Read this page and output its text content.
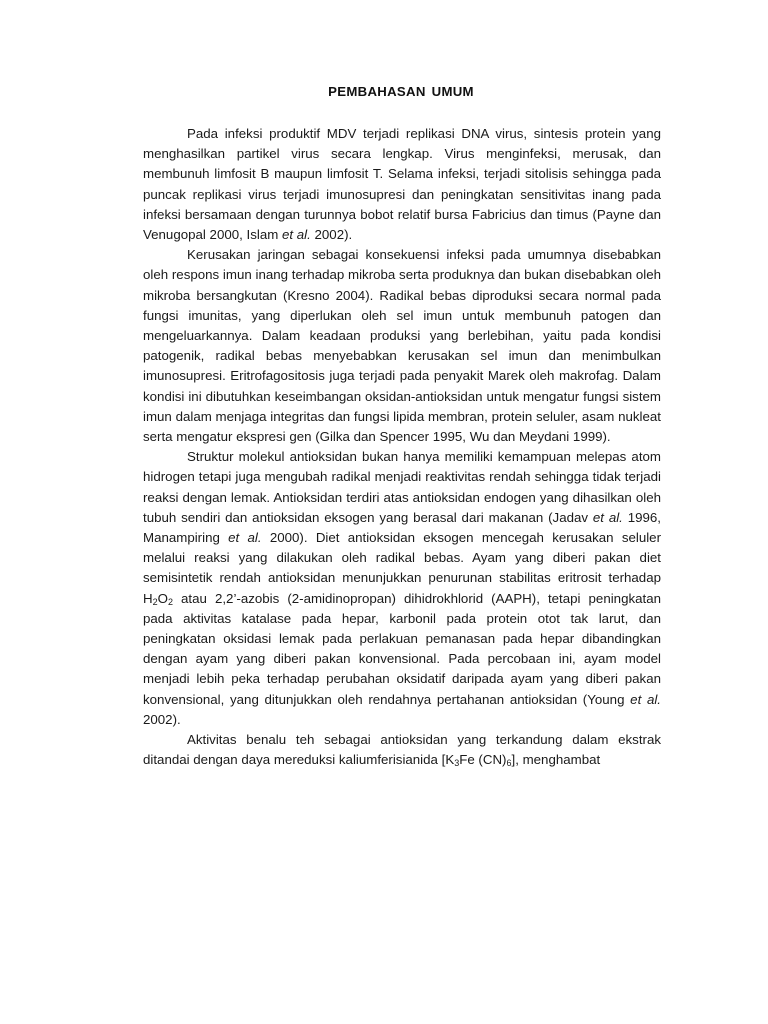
PEMBAHASAN UMUM

Pada infeksi produktif MDV terjadi replikasi DNA virus, sintesis protein yang menghasilkan partikel virus secara lengkap. Virus menginfeksi, merusak, dan membunuh limfosit B maupun limfosit T. Selama infeksi, terjadi sitolisis sehingga pada puncak replikasi virus terjadi imunosupresi dan peningkatan sensitivitas inang pada infeksi bersamaan dengan turunnya bobot relatif bursa Fabricius dan timus (Payne dan Venugopal 2000, Islam et al. 2002).

Kerusakan jaringan sebagai konsekuensi infeksi pada umumnya disebabkan oleh respons imun inang terhadap mikroba serta produknya dan bukan disebabkan oleh mikroba bersangkutan (Kresno 2004). Radikal bebas diproduksi secara normal pada fungsi imunitas, yang diperlukan oleh sel imun untuk membunuh patogen dan mengeluarkannya. Dalam keadaan produksi yang berlebihan, yaitu pada kondisi patogenik, radikal bebas menyebabkan kerusakan sel imun dan menimbulkan imunosupresi. Eritrofagositosis juga terjadi pada penyakit Marek oleh makrofag. Dalam kondisi ini dibutuhkan keseimbangan oksidan-antioksidan untuk mengatur fungsi sistem imun dalam menjaga integritas dan fungsi lipida membran, protein seluler, asam nukleat serta mengatur ekspresi gen (Gilka dan Spencer 1995, Wu dan Meydani 1999).

Struktur molekul antioksidan bukan hanya memiliki kemampuan melepas atom hidrogen tetapi juga mengubah radikal menjadi reaktivitas rendah sehingga tidak terjadi reaksi dengan lemak. Antioksidan terdiri atas antioksidan endogen yang dihasilkan oleh tubuh sendiri dan antioksidan eksogen yang berasal dari makanan (Jadav et al. 1996, Manampiring et al. 2000). Diet antioksidan eksogen mencegah kerusakan seluler melalui reaksi yang dilakukan oleh radikal bebas. Ayam yang diberi pakan diet semisintetik rendah antioksidan menunjukkan penurunan stabilitas eritrosit terhadap $H_2O_2$ atau 2,2’-azobis (2-amidinopropan) dihidrokhlorid (AAPH), tetapi peningkatan pada aktivitas katalase pada hepar, karbonil pada protein otot tak larut, dan peningkatan oksidasi lemak pada perlakuan pemanasan pada hepar dibandingkan dengan ayam yang diberi pakan konvensional. Pada percobaan ini, ayam model menjadi lebih peka terhadap perubahan oksidatif daripada ayam yang diberi pakan konvensional, yang ditunjukkan oleh rendahnya pertahanan antioksidan (Young et al. 2002).

Aktivitas benalu teh sebagai antioksidan yang terkandung dalam ekstrak ditandai dengan daya mereduksi kaliumferisianida [$K_3Fe$ $(CN)_6$], menghambat
